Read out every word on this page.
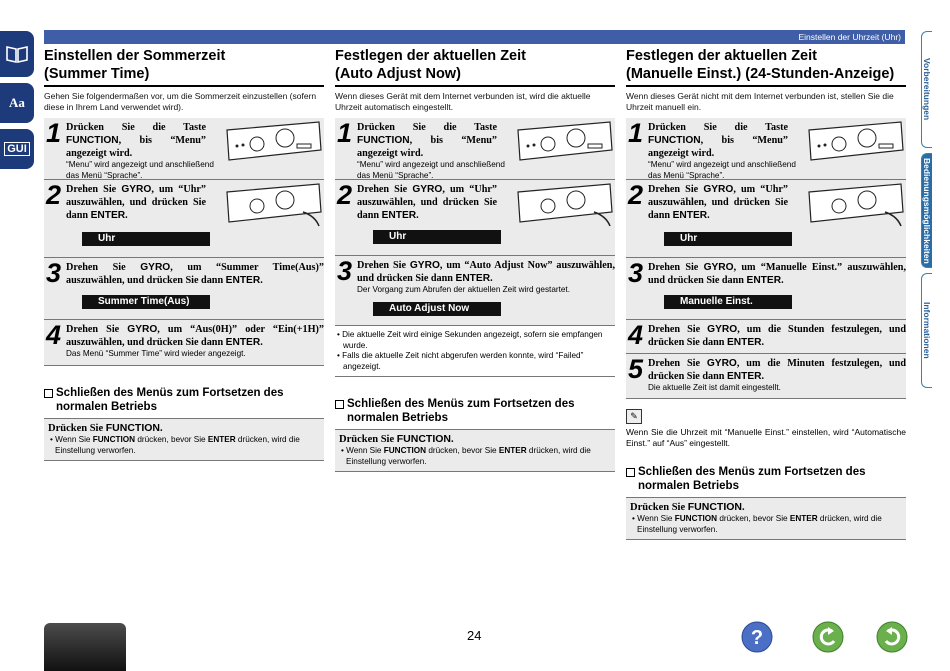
Einstellen der Uhrzeit (Uhr)
Aa
GUI
Einstellen der Sommerzeit
(Summer Time)
Gehen Sie folgendermaßen vor, um die Sommerzeit einzustellen (sofern diese in Ihrem Land verwendet wird).
1 Drücken Sie die Taste FUNCTION, bis “Menu” angezeigt wird.
“Menu” wird angezeigt und anschließend das Menü “Sprache”.
2 Drehen Sie GYRO, um “Uhr” auszuwählen, und drücken Sie dann ENTER.
Uhr
3 Drehen Sie GYRO, um “Summer Time(Aus)” auszuwählen, und drücken Sie dann ENTER.
Summer Time(Aus)
4 Drehen Sie GYRO, um “Aus(0H)” oder “Ein(+1H)” auszuwählen, und drücken Sie dann ENTER.
Das Menü “Summer Time” wird wieder angezeigt.
Schließen des Menüs zum Fortsetzen des
normalen Betriebs
Drücken Sie FUNCTION.
• Wenn Sie FUNCTION drücken, bevor Sie ENTER drücken, wird die Einstellung verworfen.
Festlegen der aktuellen Zeit
(Auto Adjust Now)
Wenn dieses Gerät mit dem Internet verbunden ist, wird die aktuelle Uhrzeit automatisch eingestellt.
1 Drücken Sie die Taste FUNCTION, bis “Menu” angezeigt wird.
“Menu” wird angezeigt und anschließend das Menü “Sprache”.
2 Drehen Sie GYRO, um “Uhr” auszuwählen, und drücken Sie dann ENTER.
Uhr
3 Drehen Sie GYRO, um “Auto Adjust Now” auszuwählen, und drücken Sie dann ENTER.
Der Vorgang zum Abrufen der aktuellen Zeit wird gestartet.
Auto Adjust Now
• Die aktuelle Zeit wird einige Sekunden angezeigt, sofern sie empfangen wurde.
• Falls die aktuelle Zeit nicht abgerufen werden konnte, wird “Failed” angezeigt.
Schließen des Menüs zum Fortsetzen des
normalen Betriebs
Drücken Sie FUNCTION.
• Wenn Sie FUNCTION drücken, bevor Sie ENTER drücken, wird die Einstellung verworfen.
Festlegen der aktuellen Zeit
(Manuelle Einst.) (24-Stunden-Anzeige)
Wenn dieses Gerät nicht mit dem Internet verbunden ist, stellen Sie die Uhrzeit manuell ein.
1 Drücken Sie die Taste FUNCTION, bis “Menu” angezeigt wird.
“Menu” wird angezeigt und anschließend das Menü “Sprache”.
2 Drehen Sie GYRO, um “Uhr” auszuwählen, und drücken Sie dann ENTER.
Uhr
3 Drehen Sie GYRO, um “Manuelle Einst.” auszuwählen, und drücken Sie dann ENTER.
Manuelle Einst.
4 Drehen Sie GYRO, um die Stunden festzulegen, und drücken Sie dann ENTER.
5 Drehen Sie GYRO, um die Minuten festzulegen, und drücken Sie dann ENTER.
Die aktuelle Zeit ist damit eingestellt.
✎
Wenn Sie die Uhrzeit mit “Manuelle Einst.” einstellen, wird “Automatische Einst.” auf “Aus” eingestellt.
Schließen des Menüs zum Fortsetzen des
normalen Betriebs
Drücken Sie FUNCTION.
• Wenn Sie FUNCTION drücken, bevor Sie ENTER drücken, wird die Einstellung verworfen.
Vorbereitungen
Bedienungsmöglichkeiten
Informationen
24	?
